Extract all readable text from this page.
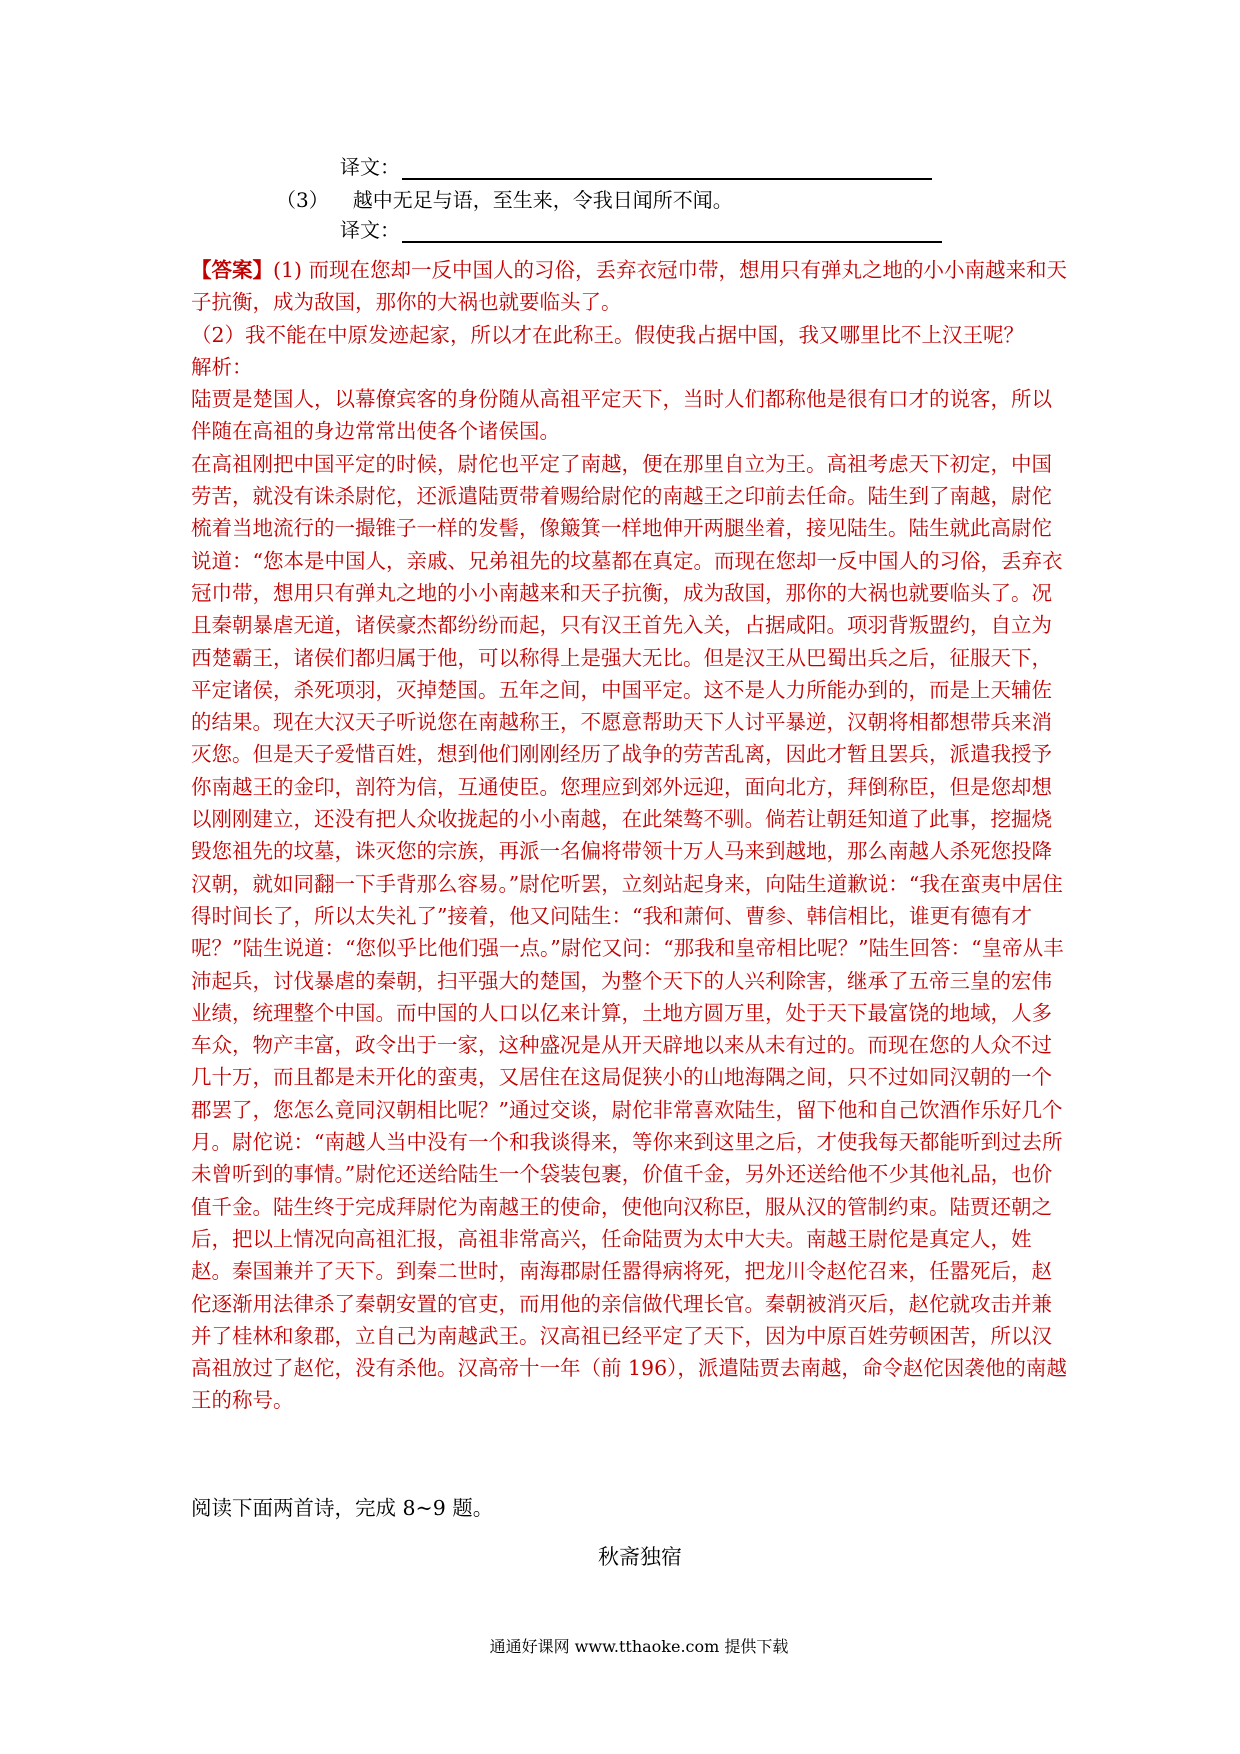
译文：
（3） 越中无足与语，至生来，令我日闻所不闻。
译文：

【答案】(1) 而现在您却一反中国人的习俗，丢弃衣冠巾带，想用只有弹丸之地的小小南越来和天子抗衡，成为敌国，那你的大祸也就要临头了。

（2）我不能在中原发迹起家，所以才在此称王。假使我占据中国，我又哪里比不上汉王呢？

解析：

陆贾是楚国人，以幕僚宾客的身份随从高祖平定天下，当时人们都称他是很有口才的说客，所以伴随在高祖的身边常常出使各个诸侯国。

在高祖刚把中国平定的时候，尉佗也平定了南越，便在那里自立为王。高祖考虑天下初定，中国劳苦，就没有诛杀尉佗，还派遣陆贾带着赐给尉佗的南越王之印前去任命。陆生到了南越，尉佗梳着当地流行的一撮锥子一样的发髻，像簸箕一样地伸开两腿坐着，接见陆生。陆生就此高尉佗说道：“您本是中国人，亲戚、兄弟祖先的坟墓都在真定。而现在您却一反中国人的习俗，丢弃衣冠巾带，想用只有弹丸之地的小小南越来和天子抗衡，成为敌国，那你的大祸也就要临头了。况且秦朝暴虐无道，诸侯豪杰都纷纷而起，只有汉王首先入关，占据咸阳。项羽背叛盟约，自立为西楚霸王，诸侯们都归属于他，可以称得上是强大无比。但是汉王从巴蜀出兵之后，征服天下，平定诸侯，杀死项羽，灭掉楚国。五年之间，中国平定。这不是人力所能办到的，而是上天辅佐的结果。现在大汉天子听说您在南越称王，不愿意帮助天下人讨平暴逆，汉朝将相都想带兵来消灭您。但是天子爱惜百姓，想到他们刚刚经历了战争的劳苦乱离，因此才暂且罢兵，派遣我授予你南越王的金印，剖符为信，互通使臣。您理应到郊外远迎，面向北方，拜倒称臣，但是您却想以刚刚建立，还没有把人众收拢起的小小南越，在此桀骜不驯。倘若让朝廷知道了此事，挖掘烧毁您祖先的坟墓，诛灭您的宗族，再派一名偏将带领十万人马来到越地，那么南越人杀死您投降汉朝，就如同翻一下手背那么容易。”尉佗听罢，立刻站起身来，向陆生道歉说：“我在蛮夷中居住得时间长了，所以太失礼了”接着，他又问陆生：“我和萧何、曹参、韩信相比，谁更有德有才呢？”陆生说道：“您似乎比他们强一点。”尉佗又问：“那我和皇帝相比呢？”陆生回答：“皇帝从丰沛起兵，讨伐暴虐的秦朝，扫平强大的楚国，为整个天下的人兴利除害，继承了五帝三皇的宏伟业绩，统理整个中国。而中国的人口以亿来计算，土地方圆万里，处于天下最富饶的地域，人多车众，物产丰富，政令出于一家，这种盛况是从开天辟地以来从未有过的。而现在您的人众不过几十万，而且都是未开化的蛮夷，又居住在这局促狭小的山地海隅之间，只不过如同汉朝的一个郡罢了，您怎么竟同汉朝相比呢？”通过交谈，尉佗非常喜欢陆生，留下他和自己饮酒作乐好几个月。尉佗说：“南越人当中没有一个和我谈得来，等你来到这里之后，才使我每天都能听到过去所未曾听到的事情。”尉佗还送给陆生一个袋装包裹，价值千金，另外还送给他不少其他礼品，也价值千金。陆生终于完成拜尉佗为南越王的使命，使他向汉称臣，服从汉的管制约束。陆贾还朝之后，把以上情况向高祖汇报，高祖非常高兴，任命陆贾为太中大夫。南越王尉佗是真定人，姓赵。秦国兼并了天下。到秦二世时，南海郡尉任嚣得病将死，把龙川令赵佗召来，任嚣死后，赵佗逐渐用法律杀了秦朝安置的官吏，而用他的亲信做代理长官。秦朝被消灭后，赵佗就攻击并兼并了桂林和象郡，立自己为南越武王。汉高祖已经平定了天下，因为中原百姓劳顿困苦，所以汉高祖放过了赵佗，没有杀他。汉高帝十一年（前 196），派遣陆贾去南越，命令赵佗因袭他的南越王的称号。

阅读下面两首诗，完成 8~9 题。
秋斋独宿
通通好课网 www.tthaoke.com 提供下载
